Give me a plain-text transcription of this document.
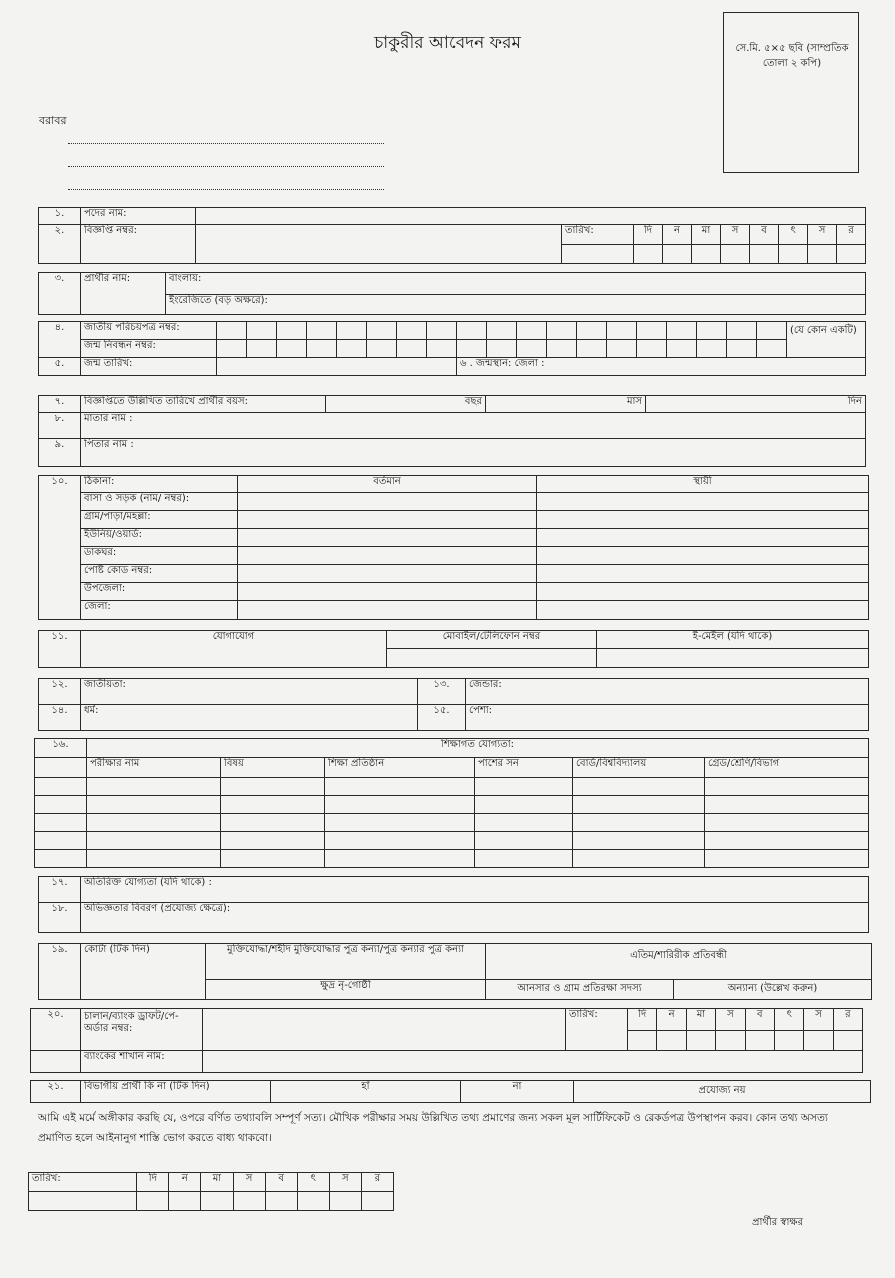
চাকুরীর আবেদন ফরম	সে.মি. ৫×৫ ছবি (সাম্প্রতিক তোলা ২ কপি)
বরাবর
১.	পদের নাম:										
২.	বিজ্ঞপ্তি নম্বর:		তারিখ:	দি	ন	মা	স	ব	ৎ	স	র

৩.	প্রার্থীর নাম:	বাংলায়:
ইংরেজিতে (বড় অক্ষরে):
৪.	জাতীয় পরিচয়পত্র নম্বর:																				(যে কোন একটি)
	জন্ম নিবন্ধন নম্বর:																				
৫.	জন্ম তারিখ:									৬ . জন্মস্থান: জেলা :											
৭.	বিজ্ঞপ্তিতে উল্লিখিত তারিখে প্রার্থীর বয়স:	বছর	মাস	দিন
৮.	মাতার নাম :			
৯.	পিতার নাম :			
১০.	ঠিকানা:	বর্তমান	স্থায়ী
	বাসা ও সড়ক (নাম/ নম্বর):		
	গ্রাম/পাড়া/মহল্লা:		
	ইউনিয়/ওয়ার্ড:		
	ডাকঘর:		
	পোষ্ট কোড নম্বর:		
	উপজেলা:		
	জেলা:		
১১.	যোগাযোগ	মোবাইল/টেলিফোন নম্বর	ই-মেইল (যদি থাকে)

১২.	জাতীয়তা:	১৩.	জেন্ডার:
১৪.	ধর্ম:	১৫.	পেশা:
১৬.	শিক্ষাগত যোগ্যতা:					
	পরীক্ষার নাম	বিষয়	শিক্ষা প্রতিষ্ঠান	পাশের সন	বোর্ড/বিশ্ববিদ্যালয়	গ্রেড/শ্রেণি/বিভাগ

১৭.	অতিরিক্ত যোগ্যতা (যদি থাকে) :
১৮.	অভিজ্ঞতার বিবরণ (প্রযোজ্য ক্ষেত্রে):
১৯.	কোটা (টিক দিন)	মুক্তিযোদ্ধা/শহীদ মুক্তিযোদ্ধার পুত্র কন্যা/পুত্র কন্যার পুত্র কন্যা	এতিম/শারিরীক প্রতিবন্ধী	
		ক্ষুদ্র নৃ-গোষ্ঠী	আনসার ও গ্রাম প্রতিরক্ষা সদস্য	অন্যান্য (উল্লেখ করুন)
২০.	চালান/ব্যাংক ড্রাফট/পে-অর্ডার নম্বর:		তারিখ:	দি	ন	মা	স	ব	ৎ	স	র

	ব্যাংকের শাখান নাম:										
২১.	বিভাগীয় প্রার্থী কি না (টিক দিন)	হাঁ	না	প্রযোজ্য নয়
আমি এই মর্মে অঙ্গীকার করছি যে, ওপরে বর্ণিত তথ্যাবলি সম্পূর্ণ সত্য। মৌখিক পরীক্ষার সময় উল্লিখিত তথ্য প্রমাণের জন্য সকল মূল সার্টিফিকেট ও রেকর্ডপত্র উপস্থাপন করব। কোন তথ্য অসত্য প্রমাণিত হলে আইনানুগ শাস্তি ভোগ করতে বাধ্য থাকবো।
তারিখ:	দি	ন	মা	স	ব	ৎ	স	র

প্রার্থীর স্বাক্ষর
